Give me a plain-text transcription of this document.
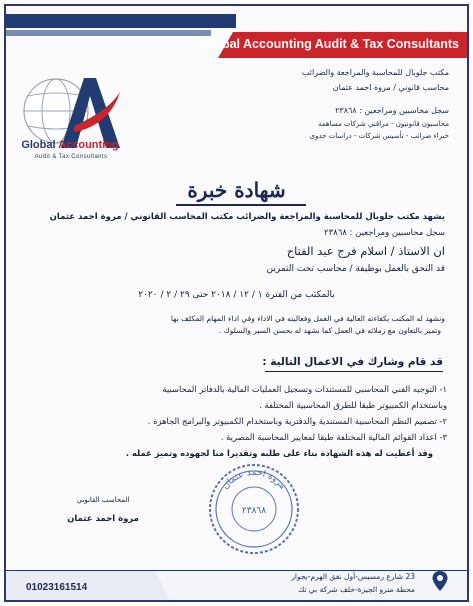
Global Accounting Audit & Tax Consultants
Global Accounting
Audit & Tax Consultants
مكتب جلوبال للمحاسبة والمراجعة والضرائب
محاسب قانوني / مروة احمد عثمان
سجل محاسبين ومراجعين : ٢٣٨٦٨
محاسبون قانونيون - مراقبي شركات مساهمة
خبراء ضرائب - تأسيس شركات - دراسات جدوى
شهادة خبرة
يشهد مكتب جلوبال للمحاسبة والمراجعة والضرائب مكتب المحاسب القانوني / مروة احمد عثمان
سجل محاسبين ومراجعين : ٢٣٨٦٨
ان الاستاذ / اسلام فرج عبد الفتاح
قد التحق بالعمل بوظيفة / محاسب تحت التمرين
بالمكتب من الفترة ١ / ١٢ / ٢٠١٨ حتى ٢٩ / ٢ / ٢٠٢٠
ونشهد له المكتب بكفاءته العالية في العمل وفعاليته في الاداء وفي اداء المهام المكلف بها
وتميز بالتعاون مع زملائه في العمل كما نشهد له بحسن السير والسلوك .
قد قام وشارك في الاعمال التالية :
١- التوجيه الفني المحاسبي للمستندات وتسجيل العمليات المالية بالدفاتر المحاسبية
وباستخدام الكمبيوتر طبقا للطرق المحاسبية المختلفة .
٢- تصميم النظم المحاسبية المستندية والدفترية وباستخدام الكمبيوتر والبرامج الجاهزة .
٣- اعداد القوائم المالية المختلفة طبقا لمعايير المحاسبة المصرية .
وقد أعطيت له هذه الشهادة بناء على طلبه وتقديرا منا لجهوده وتميز عمله .
المحاسب القانوني
مروة احمد عثمان
مروة احمد عثمان
٢٣٨٦٨
01023161514
23 شارع رمسيس-أول نفق الهرم-بجوار
محطة مترو الجيزة-خلف شركة بي تك
